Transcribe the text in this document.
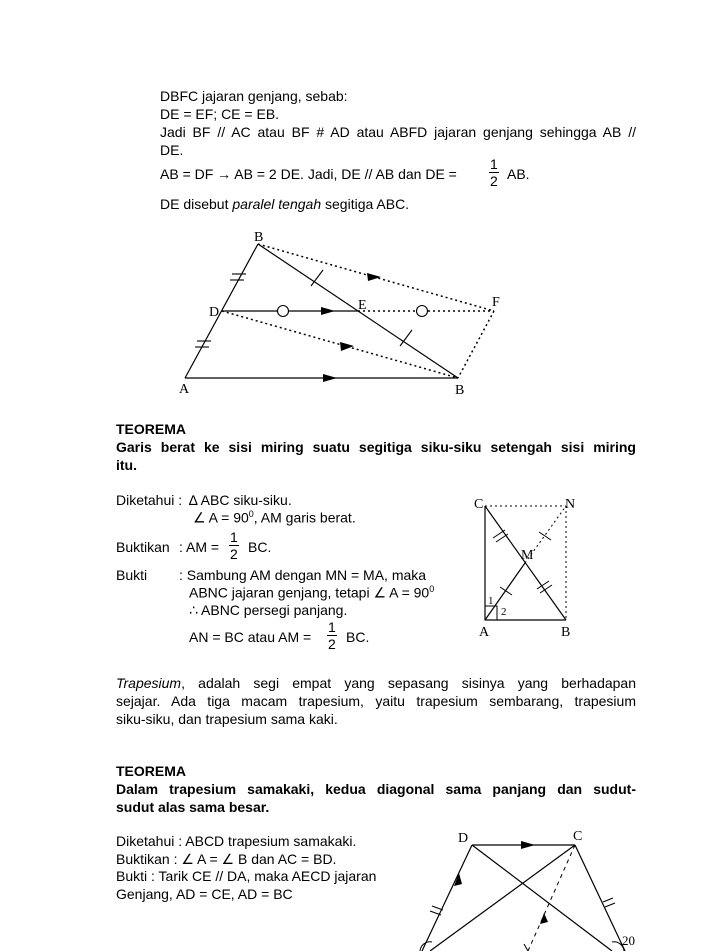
DBFC jajaran genjang, sebab:
DE = EF; CE = EB.
Jadi BF // AC atau BF # AD atau ABFD jajaran genjang sehingga AB //
DE.
AB = DF → AB = 2 DE. Jadi, DE // AB dan DE = $\frac{1}{2}$ AB.
DE disebut paralel tengah segitiga ABC.
B
D	E	F
A	B
TEOREMA
Garis berat ke sisi miring suatu segitiga siku-siku setengah sisi miring
itu.
Diketahui : ∆ ABC siku-siku.
∠ $A = 90^0$, AM garis berat.
Buktikan : AM = $\frac{1}{2}$ BC.
Bukti : Sambung AM dengan MN = MA, maka
ABNC jajaran genjang, tetapi ∠ $A = 90^0$
∴ ABNC persegi panjang.
AN = BC atau AM = $\frac{1}{2}$ BC.
C	N
M
A	B
1
2
Trapesium, adalah segi empat yang sepasang sisinya yang berhadapan
sejajar. Ada tiga macam trapesium, yaitu trapesium sembarang, trapesium
siku-siku, dan trapesium sama kaki.
TEOREMA
Dalam trapesium samakaki, kedua diagonal sama panjang dan sudut-
sudut alas sama besar.
Diketahui : ABCD trapesium samakaki.
Buktikan : ∠ A = ∠ B dan AC = BD.
Bukti : Tarik CE // DA, maka AECD jajaran
Genjang, AD = CE, AD = BC
D	C
20
